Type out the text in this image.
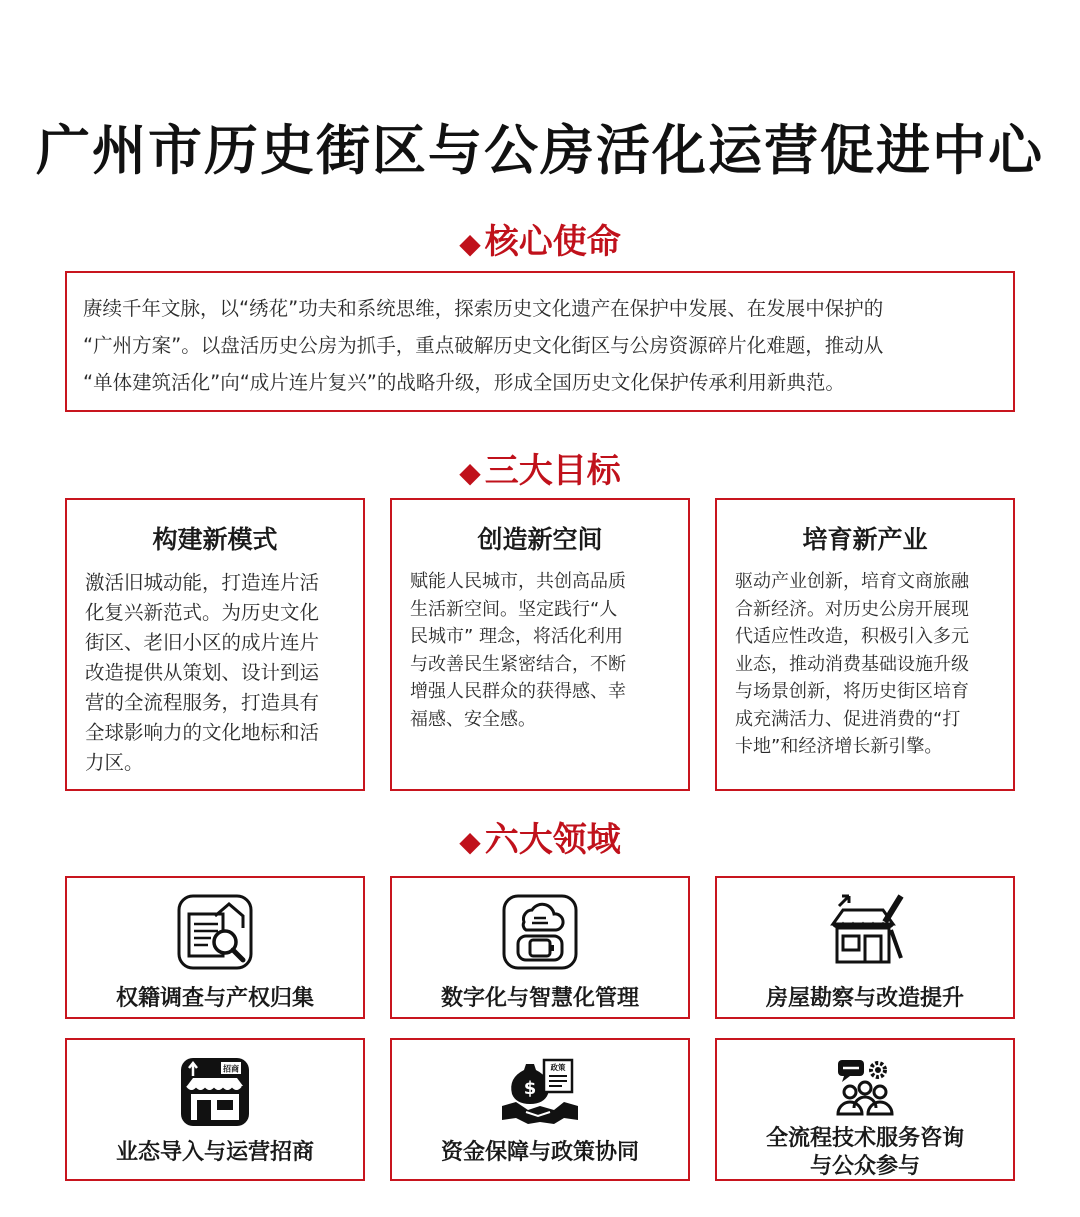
广州市历史街区与公房活化运营促进中心
◆ 核心使命

赓续千年文脉，以“绣花”功夫和系统思维，探索历史文化遗产在保护中发展、在发展中保护的

“广州方案”。以盘活历史公房为抓手，重点破解历史文化街区与公房资源碎片化难题，推动从

“单体建筑活化”向“成片连片复兴”的战略升级，形成全国历史文化保护传承利用新典范。

◆ 三大目标
构建新模式

激活旧城动能，打造连片活

化复兴新范式。为历史文化

街区、老旧小区的成片连片

改造提供从策划、设计到运

营的全流程服务，打造具有

全球影响力的文化地标和活

力区。

创造新空间

赋能人民城市，共创高品质

生活新空间。坚定践行“人

民城市” 理念，将活化利用

与改善民生紧密结合，不断

增强人民群众的获得感、幸

福感、安全感。

培育新产业

驱动产业创新，培育文商旅融

合新经济。对历史公房开展现

代适应性改造，积极引入多元

业态，推动消费基础设施升级

与场景创新，将历史街区培育

成充满活力、促进消费的“打

卡地”和经济增长新引擎。

◆ 六大领域
权籍调查与产权归集	数字化与智慧化管理	房屋勘察与改造提升
招商
业态导入与运营招商
$
政策
资金保障与政策协同
全流程技术服务咨询
与公众参与
